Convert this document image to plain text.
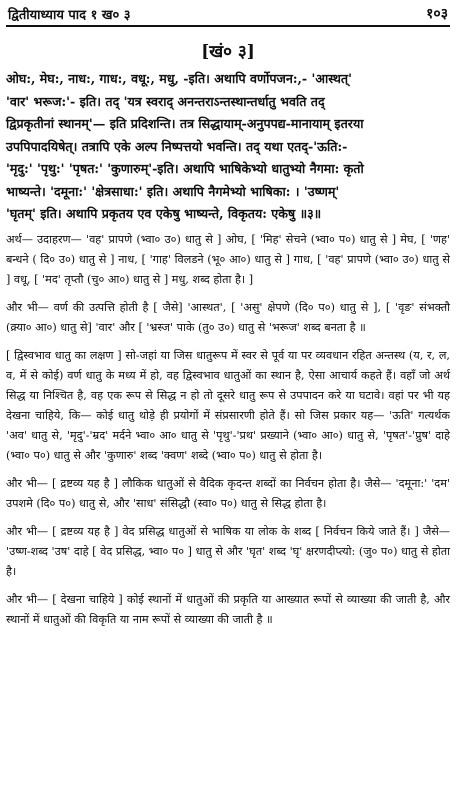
द्वितीयाध्याय पाद १ ख० ३	१०३
[खं० ३]

ओघ:, मेघ:, नाध:, गाध:, वधू:, मधु, -इति। अथापि वर्णोपजन:,- 'आस्थत्'

'वार' भरूज:'- इति। तद् 'यत्र स्वराद् अनन्तराऽन्तस्थान्तर्धातु भवति तद्

द्विप्रकृतीनां स्थानम्'— इति प्रदिशन्ति। तत्र सिद्धायाम्-अनुपपद्य-मानायाम् इतरया

उपपिपादयिषेत्। तत्रापि एके अल्प निष्पत्तयो भवन्ति। तद् यथा एतद्-'ऊति:-

'मृदु:' 'पृथु:' 'पृषत:' 'कुणारुम्'-इति। अथापि भाषिकेभ्यो धातुभ्यो नैगमा: कृतो

भाष्यन्ते। 'दमूना:' 'क्षेत्रसाधा:' इति। अथापि नैगमेभ्यो भाषिका: । 'उष्णम्'

'घृतम्' इति। अथापि प्रकृतय एव एकेषु भाष्यन्ते, विकृतय: एकेषु ॥३॥

अर्थ— उदाहरण— 'वह' प्रापणे (भ्वा० उ०) धातु से ] ओघ, [ 'मिह' सेचने (भ्वा० प०) धातु से ] मेघ, [ 'णह' बन्धने ( दि० उ०) धातु से ] नाध, [ 'गाह' विलडने (भू० आ०) धातु से ] गाध, [ 'वह' प्रापणे (भ्वा० उ०) धातु से ] वधू, [ 'मद' तृप्तौ (चु० आ०) धातु से ] मधु, शब्द होता है। ]

और भी— वर्ण की उत्पत्ति होती है [ जैसे] 'आस्थत', [ 'असु' क्षेपणे (दि० प०) धातु से ], [ 'वृङ' संभक्तौ (क्र्या० आ०) धातु से] 'वार' और [ 'भ्रस्ज' पाके (तु० उ०) धातु से 'भरूज' शब्द बनता है ॥

[ द्विस्वभाव धातु का लक्षण ] सो-जहां या जिस धातुरूप में स्वर से पूर्व या पर व्यवधान रहित अन्तस्थ (य, र, ल, व, में से कोई) वर्ण धातु के मध्य में हो, वह द्विस्वभाव धातुओं का स्थान है, ऐसा आचार्य कहते हैं। वहाँ जो अर्थ सिद्ध या निश्चित है, वह एक रूप से सिद्ध न हो तो दूसरे धातु रूप से उपपादन करे या घटावे। वहां पर भी यह देखना चाहिये, कि— कोई धातु थोड़े ही प्रयोगों में संप्रसारणी होते हैं। सो जिस प्रकार यह— 'ऊति' गत्यर्थक 'अव' धातु से, 'मृदु'-'म्रद' मर्दने भ्वा० आ० धातु से 'पृथु'-'प्रथ' प्रख्याने (भ्वा० आ०) धातु से, 'पृषत'-'प्रुष' दाहे (भ्वा० प०) धातु से और 'कुणारु' शब्द 'क्वण' शब्दे (भ्वा० प०) धातु से होता है।

और भी— [ द्रष्टव्य यह है ] लौकिक धातुओं से वैदिक कृदन्त शब्दों का निर्वचन होता है। जैसे— 'दमूना:' 'दम' उपशमे (दि० प०) धातु से, और 'साध' संसिद्धौ (स्वा० प०) धातु से सिद्ध होता है।

और भी— [ द्रष्टव्य यह है ] वेद प्रसिद्ध धातुओं से भाषिक या लोक के शब्द [ निर्वचन किये जाते हैं। ] जैसे— 'उष्ण-शब्द 'उष' दाहे [ वेद प्रसिद्ध, भ्वा० प० ] धातु से और 'घृत' शब्द 'घृ' क्षरणदीप्त्यो: (जु० प०) धातु से होता है।

और भी— [ देखना चाहिये ] कोई स्थानों में धातुओं की प्रकृति या आख्यात रूपों से व्याख्या की जाती है, और स्थानों में धातुओं की विकृति या नाम रूपों से व्याख्या की जाती है ॥
